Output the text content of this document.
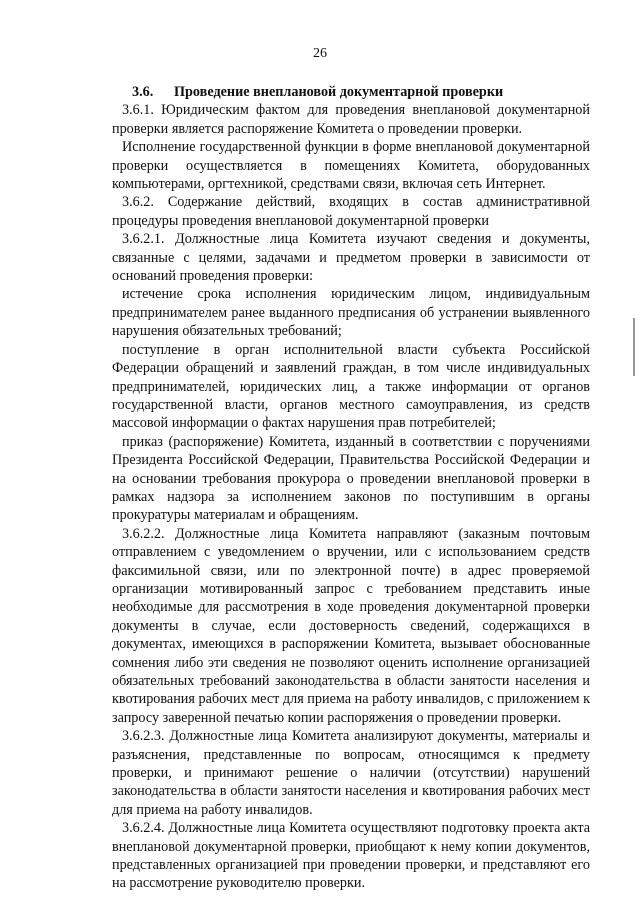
26

3.6. Проведение внеплановой документарной проверки

3.6.1. Юридическим фактом для проведения внеплановой документарной проверки является распоряжение Комитета о проведении проверки.

Исполнение государственной функции в форме внеплановой документарной проверки осуществляется в помещениях Комитета, оборудованных компьютерами, оргтехникой, средствами связи, включая сеть Интернет.

3.6.2. Содержание действий, входящих в состав административной процедуры проведения внеплановой документарной проверки

3.6.2.1. Должностные лица Комитета изучают сведения и документы, связанные с целями, задачами и предметом проверки в зависимости от оснований проведения проверки:

истечение срока исполнения юридическим лицом, индивидуальным предпринимателем ранее выданного предписания об устранении выявленного нарушения обязательных требований;

поступление в орган исполнительной власти субъекта Российской Федерации обращений и заявлений граждан, в том числе индивидуальных предпринимателей, юридических лиц, а также информации от органов государственной власти, органов местного самоуправления, из средств массовой информации о фактах нарушения прав потребителей;

приказ (распоряжение) Комитета, изданный в соответствии с поручениями Президента Российской Федерации, Правительства Российской Федерации и на основании требования прокурора о проведении внеплановой проверки в рамках надзора за исполнением законов по поступившим в органы прокуратуры материалам и обращениям.

3.6.2.2. Должностные лица Комитета направляют (заказным почтовым отправлением с уведомлением о вручении, или с использованием средств факсимильной связи, или по электронной почте) в адрес проверяемой организации мотивированный запрос с требованием представить иные необходимые для рассмотрения в ходе проведения документарной проверки документы в случае, если достоверность сведений, содержащихся в документах, имеющихся в распоряжении Комитета, вызывает обоснованные сомнения либо эти сведения не позволяют оценить исполнение организацией обязательных требований законодательства в области занятости населения и квотирования рабочих мест для приема на работу инвалидов, с приложением к запросу заверенной печатью копии распоряжения о проведении проверки.

3.6.2.3. Должностные лица Комитета анализируют документы, материалы и разъяснения, представленные по вопросам, относящимся к предмету проверки, и принимают решение о наличии (отсутствии) нарушений законодательства в области занятости населения и квотирования рабочих мест для приема на работу инвалидов.

3.6.2.4. Должностные лица Комитета осуществляют подготовку проекта акта внеплановой документарной проверки, приобщают к нему копии документов, представленных организацией при проведении проверки, и представляют его на рассмотрение руководителю проверки.
